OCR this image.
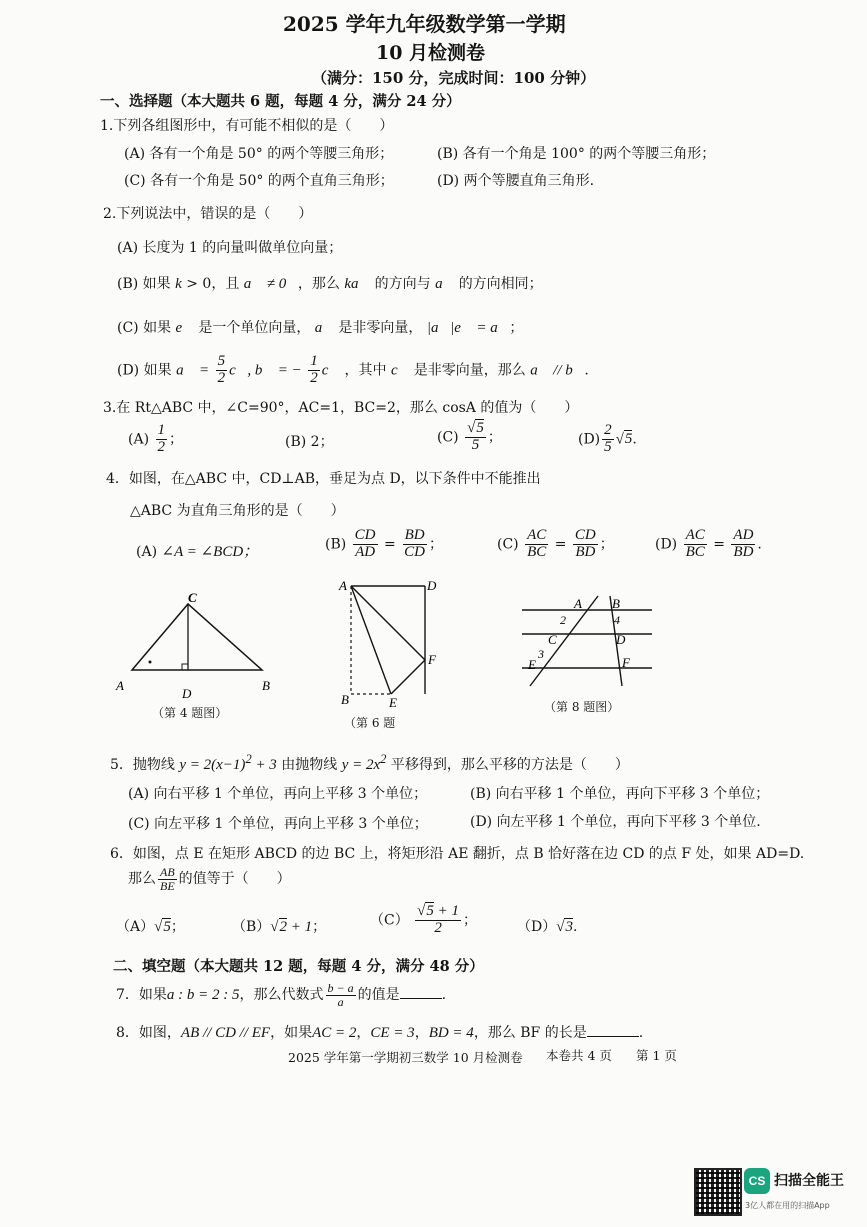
2025 学年九年级数学第一学期
10 月检测卷
（满分：150 分，完成时间：100 分钟）
一、选择题（本大题共 6 题，每题 4 分，满分 24 分）
1.下列各组图形中，有可能不相似的是（　　）
(A) 各有一个角是 50° 的两个等腰三角形；	(B) 各有一个角是 100° 的两个等腰三角形；
(C) 各有一个角是 50° 的两个直角三角形；	(D) 两个等腰直角三角形.
2.下列说法中，错误的是（　　）
(A) 长度为 1 的向量叫做单位向量；
(B) 如果 k > 0，且 a⃗ ≠ 0⃗，那么 ka⃗ 的方向与 a⃗ 的方向相同；
(C) 如果 e⃗ 是一个单位向量， a⃗ 是非零向量， |a⃗|e⃗ = a⃗；
(D) 如果 a⃗ = $\frac{5}{2}$ c⃗, b⃗ = − $\frac{1}{2}$ c⃗ ，其中 c⃗ 是非零向量，那么 a⃗ // b⃗.
3.在 Rt△ABC 中，∠C=90°，AC=1，BC=2，那么 cosA 的值为（　　）
$(A) \frac{1}{2}$ ；	(B) 2；	$(C) \frac{√5}{5}$ ；	$(D) \frac{2}{5} √5$.
4．如图，在△ABC 中，CD⊥AB，垂足为点 D，以下条件中不能推出
△ABC 为直角三角形的是（　　）
(A) ∠A = ∠BCD；	$(B) \frac{CD}{AD} = \frac{BD}{CD}$ ；	$(C) \frac{AC}{BC} = \frac{CD}{BD}$ ；	$(D) \frac{AC}{BC} = \frac{AD}{BD}$ .
C
A
D
B
（第 4 题图）
A	D
F
B	E
（第 6 题
A B
2	4
C	D
3
E	F
（第 8 题图）
5．抛物线 $y = 2(x-1)^2 + 3$ 由抛物线 $y = 2x^2$ 平移得到，那么平移的方法是（　　）
(A) 向右平移 1 个单位，再向上平移 3 个单位；	(B) 向右平移 1 个单位，再向下平移 3 个单位；
(C) 向左平移 1 个单位，再向上平移 3 个单位；	(D) 向左平移 1 个单位，再向下平移 3 个单位.
6．如图，点 E 在矩形 ABCD 的边 BC 上，将矩形沿 AE 翻折，点 B 恰好落在边 CD 的点 F 处，如果 AD=D.
那么 $\frac{AB}{BE}$ 的值等于（　　）
（A）√5；	（B）√2 + 1；	$(C) \frac{√5 + 1}{2}$ ；	（D）√3.
二、填空题（本大题共 12 题，每题 4 分，满分 48 分）
7．如果a : b = 2 : 5，那么代数式 $\frac{b - a}{a}$ 的值是	.
8．如图，AB // CD // EF，如果AC = 2，CE = 3，BD = 4，那么 BF 的长是	.
2025 学年第一学期初三数学 10 月检测卷 本卷共 4 页 第 1 页
CS 扫描全能王
3亿人都在用的扫描App
